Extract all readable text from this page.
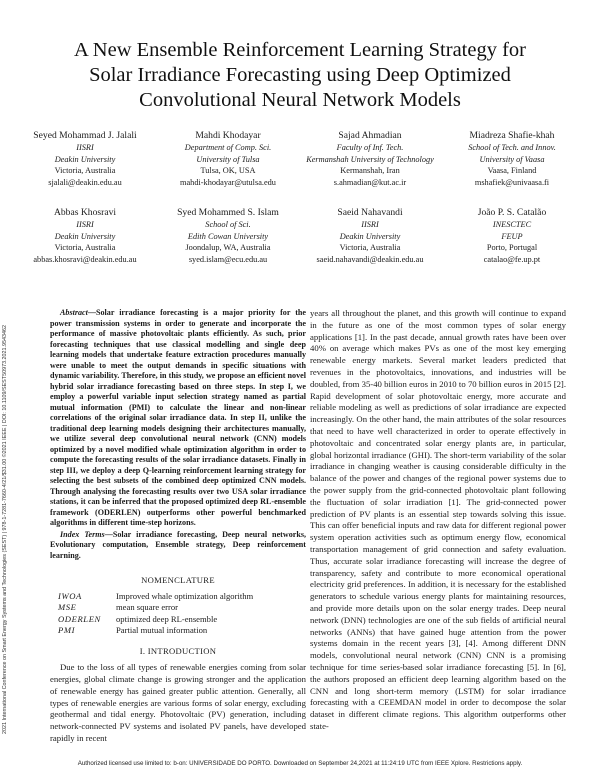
2021 International Conference on Smart Energy Systems and Technologies (SEST) | 978-1-7281-7660-4/21/$31.00 ©2021 IEEE | DOI: 10.1109/SEST50973.2021.9543462
A New Ensemble Reinforcement Learning Strategy for
Solar Irradiance Forecasting using Deep Optimized
Convolutional Neural Network Models
Seyed Mohammad J. Jalali
IISRI
Deakin University
Victoria, Australia
sjalali@deakin.edu.au
Mahdi Khodayar
Department of Comp. Sci.
University of Tulsa
Tulsa, OK, USA
mahdi-khodayar@utulsa.edu
Sajad Ahmadian
Faculty of Inf. Tech.
Kermanshah University of Technology
Kermanshah, Iran
s.ahmadian@kut.ac.ir
Miadreza Shafie-khah
School of Tech. and Innov.
University of Vaasa
Vaasa, Finland
mshafiek@univaasa.fi
Abbas Khosravi
IISRI
Deakin University
Victoria, Australia
abbas.khosravi@deakin.edu.au
Syed Mohammed S. Islam
School of Sci.
Edith Cowan University
Joondalup, WA, Australia
syed.islam@ecu.edu.au
Saeid Nahavandi
IISRI
Deakin University
Victoria, Australia
saeid.nahavandi@deakin.edu.au
João P. S. Catalão
INESCTEC
FEUP
Porto, Portugal
catalao@fe.up.pt

Abstract—Solar irradiance forecasting is a major priority for the power transmission systems in order to generate and incorporate the performance of massive photovoltaic plants efficiently. As such, prior forecasting techniques that use classical modelling and single deep learning models that undertake feature extraction procedures manually were unable to meet the output demands in specific situations with dynamic variability. Therefore, in this study, we propose an efficient novel hybrid solar irradiance forecasting based on three steps. In step I, we employ a powerful variable input selection strategy named as partial mutual information (PMI) to calculate the linear and non-linear correlations of the original solar irradiance data. In step II, unlike the traditional deep learning models designing their architectures manually, we utilize several deep convolutional neural network (CNN) models optimized by a novel modified whale optimization algorithm in order to compute the forecasting results of the solar irradiance datasets. Finally in step III, we deploy a deep Q-learning reinforcement learning strategy for selecting the best subsets of the combined deep optimized CNN models. Through analysing the forecasting results over two USA solar irradiance stations, it can be inferred that the proposed optimized deep RL-ensemble framework (ODERLEN) outperforms other powerful benchmarked algorithms in different time-step horizons.

Index Terms—Solar irradiance forecasting, Deep neural networks, Evolutionary computation, Ensemble strategy, Deep reinforcement learning.

NOMENCLATURE
IWOA	Improved whale optimization algorithm
MSE	mean square error
ODERLEN	optimized deep RL-ensemble
PMI	Partial mutual information
I. INTRODUCTION

Due to the loss of all types of renewable energies coming from solar energies, global climate change is growing stronger and the application of renewable energy has gained greater public attention. Generally, all types of renewable energies are various forms of solar energy, excluding geothermal and tidal energy. Photovoltaic (PV) generation, including network-connected PV systems and isolated PV panels, have developed rapidly in recent

years all throughout the planet, and this growth will continue to expand in the future as one of the most common types of solar energy applications [1]. In the past decade, annual growth rates have been over 40% on average which makes PVs as one of the most key emerging renewable energy markets. Several market leaders predicted that revenues in the photovoltaics, innovations, and industries will be doubled, from 35-40 billion euros in 2010 to 70 billion euros in 2015 [2]. Rapid development of solar photovoltaic energy, more accurate and reliable modeling as well as predictions of solar irradiance are expected increasingly. On the other hand, the main attributes of the solar resources that need to have well characterized in order to operate effectively in photovoltaic and concentrated solar energy plants are, in particular, global horizontal irradiance (GHI). The short-term variability of the solar irradiance in changing weather is causing considerable difficulty in the balance of the power and changes of the regional power systems due to the power supply from the grid-connected photovoltaic plant following the fluctuation of solar irradiation [1]. The grid-connected power prediction of PV plants is an essential step towards solving this issue. This can offer beneficial inputs and raw data for different regional power system operation activities such as optimum energy flow, economical transportation management of grid connection and safety evaluation. Thus, accurate solar irradiance forecasting will increase the degree of transparency, safety and contribute to more economical operational electricity grid preferences. In addition, it is necessary for the established generators to schedule various energy plants for maintaining resources, and provide more details upon on the solar energy trades. Deep neural network (DNN) technologies are one of the sub fields of artificial neural networks (ANNs) that have gained huge attention from the power systems domain in the recent years [3], [4]. Among different DNN models, convolutional neural network (CNN) CNN is a promising technique for time series-based solar irradiance forecasting [5]. In [6], the authors proposed an efficient deep learning algorithm based on the CNN and long short-term memory (LSTM) for solar irradiance forecasting with a CEEMDAN model in order to decompose the solar dataset in different climate regions. This algorithm outperforms other state-

Authorized licensed use limited to: b-on: UNIVERSIDADE DO PORTO. Downloaded on September 24,2021 at 11:24:19 UTC from IEEE Xplore. Restrictions apply.
